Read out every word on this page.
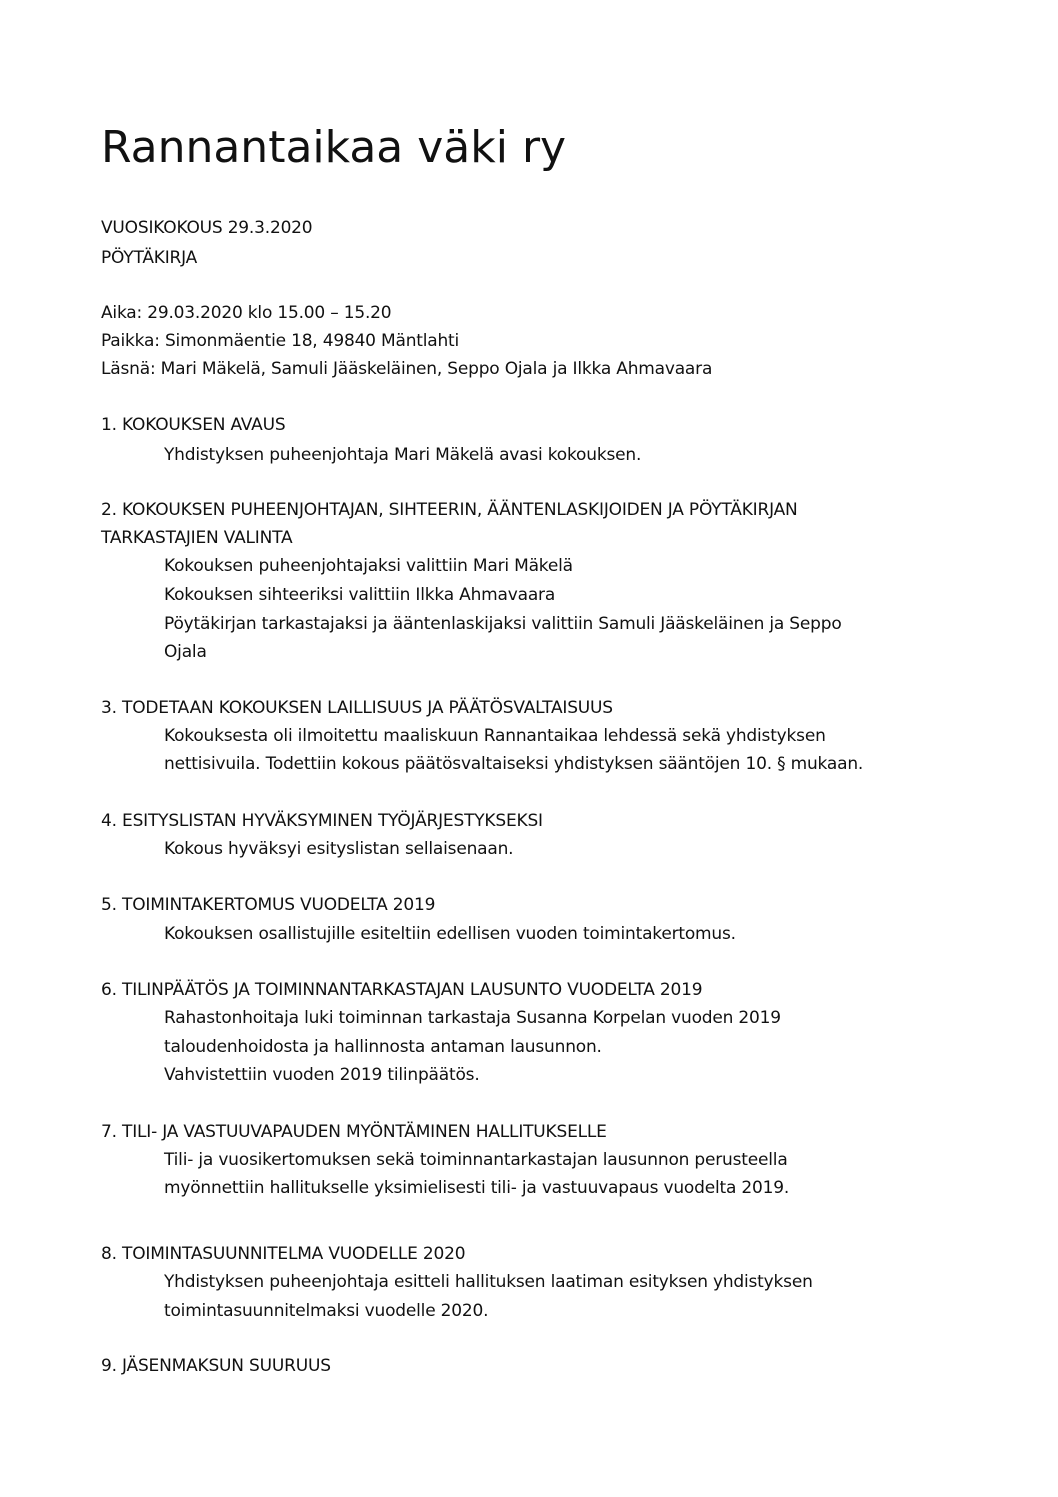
Rannantaikaa väki ry
VUOSIKOKOUS 29.3.2020
PÖYTÄKIRJA
Aika: 29.03.2020 klo 15.00 – 15.20
Paikka: Simonmäentie 18, 49840 Mäntlahti
Läsnä: Mari Mäkelä, Samuli Jääskeläinen, Seppo Ojala ja Ilkka Ahmavaara
1. KOKOUKSEN AVAUS
Yhdistyksen puheenjohtaja Mari Mäkelä avasi kokouksen.
2. KOKOUKSEN PUHEENJOHTAJAN, SIHTEERIN, ÄÄNTENLASKIJOIDEN JA PÖYTÄKIRJAN
TARKASTAJIEN VALINTA
Kokouksen puheenjohtajaksi valittiin Mari Mäkelä
Kokouksen sihteeriksi valittiin Ilkka Ahmavaara
Pöytäkirjan tarkastajaksi ja ääntenlaskijaksi valittiin Samuli Jääskeläinen ja Seppo
Ojala
3. TODETAAN KOKOUKSEN LAILLISUUS JA PÄÄTÖSVALTAISUUS
Kokouksesta oli ilmoitettu maaliskuun Rannantaikaa lehdessä sekä yhdistyksen
nettisivuila. Todettiin kokous päätösvaltaiseksi yhdistyksen sääntöjen 10. § mukaan.
4. ESITYSLISTAN HYVÄKSYMINEN TYÖJÄRJESTYKSEKSI
Kokous hyväksyi esityslistan sellaisenaan.
5. TOIMINTAKERTOMUS VUODELTA 2019
Kokouksen osallistujille esiteltiin edellisen vuoden toimintakertomus.
6. TILINPÄÄTÖS JA TOIMINNANTARKASTAJAN LAUSUNTO VUODELTA 2019
Rahastonhoitaja luki toiminnan tarkastaja Susanna Korpelan vuoden 2019
taloudenhoidosta ja hallinnosta antaman lausunnon.
Vahvistettiin vuoden 2019 tilinpäätös.
7. TILI- JA VASTUUVAPAUDEN MYÖNTÄMINEN HALLITUKSELLE
Tili- ja vuosikertomuksen sekä toiminnantarkastajan lausunnon perusteella
myönnettiin hallitukselle yksimielisesti tili- ja vastuuvapaus vuodelta 2019.
8. TOIMINTASUUNNITELMA VUODELLE 2020
Yhdistyksen puheenjohtaja esitteli hallituksen laatiman esityksen yhdistyksen
toimintasuunnitelmaksi vuodelle 2020.
9. JÄSENMAKSUN SUURUUS
